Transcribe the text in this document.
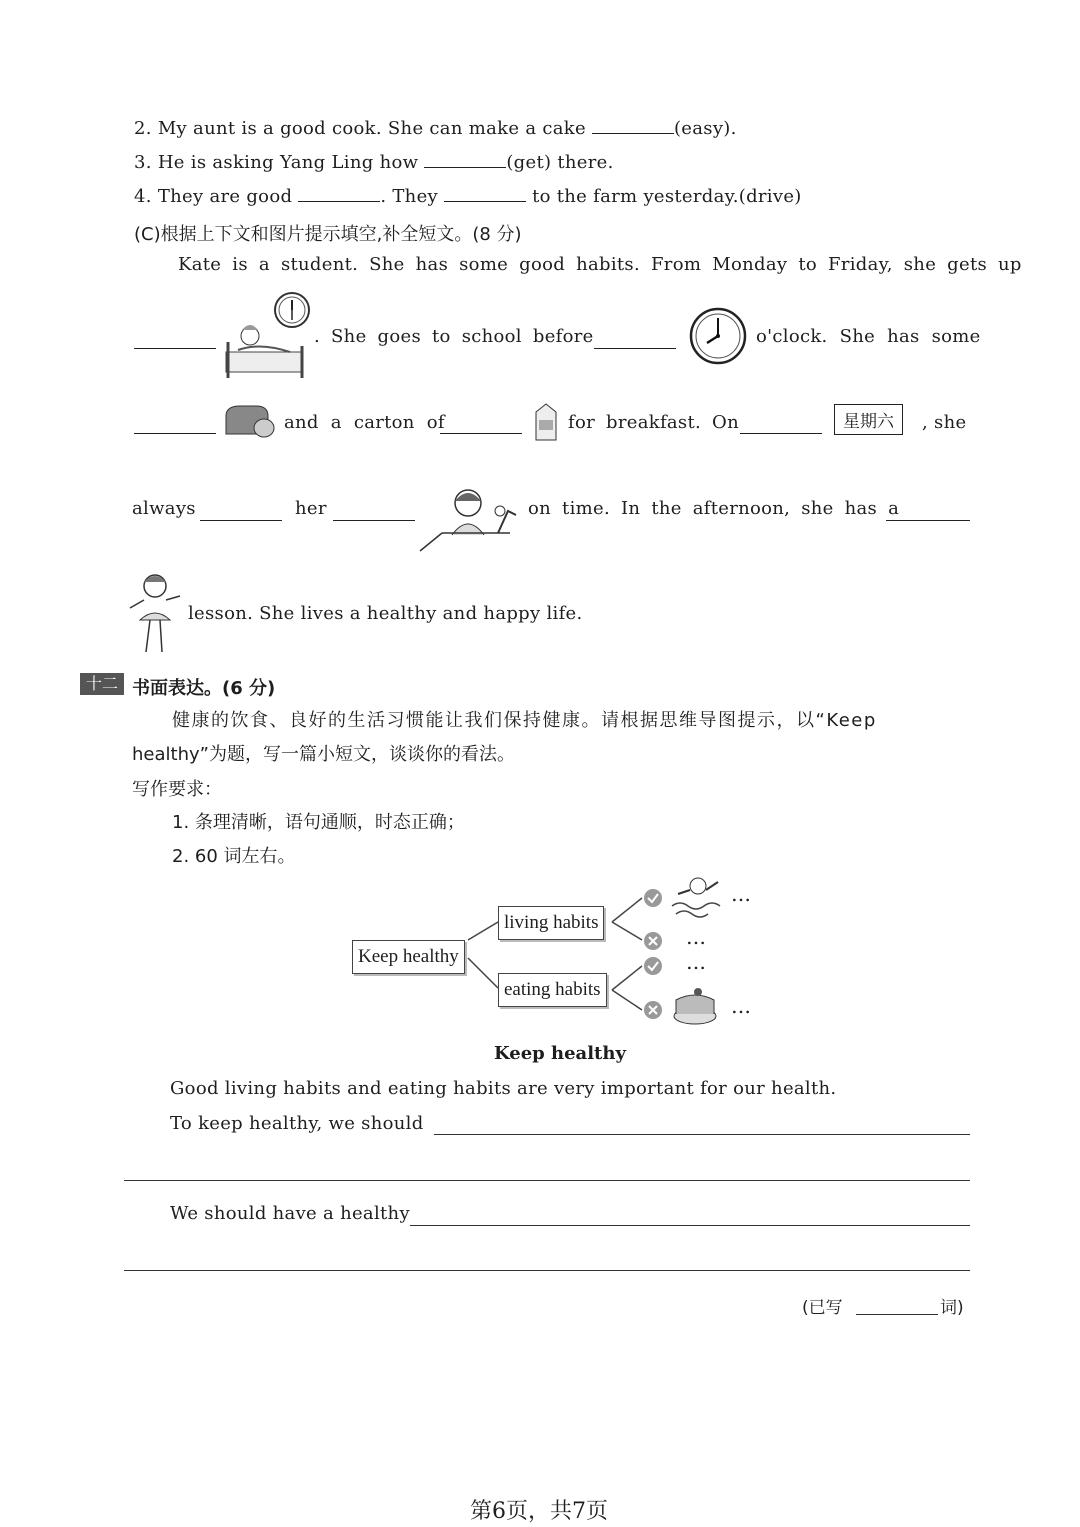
2. My aunt is a good cook. She can make a cake	(easy).
3. He is asking Yang Ling how	(get) there.
4. They are good	. They	to the farm yesterday.(drive)
(C)根据上下文和图片提示填空,补全短文。(8 分)
Kate is a student. She has some good habits. From Monday to Friday, she gets up
. She goes to school before	o'clock. She has some
and a carton of	for breakfast. On	星期六	, she
always	her	on time. In the afternoon, she has a
lesson. She lives a healthy and happy life.
十二 书面表达。(6 分)
健康的饮食、良好的生活习惯能让我们保持健康。请根据思维导图提示，以“Keep
healthy”为题，写一篇小短文，谈谈你的看法。
写作要求：
1. 条理清晰，语句通顺，时态正确；
2. 60 词左右。
Keep healthy
living habits
eating habits
…
…
…
…
Keep healthy
Good living habits and eating habits are very important for our health.
To keep healthy, we should
We should have a healthy
(已写	词)
第6页，共7页
